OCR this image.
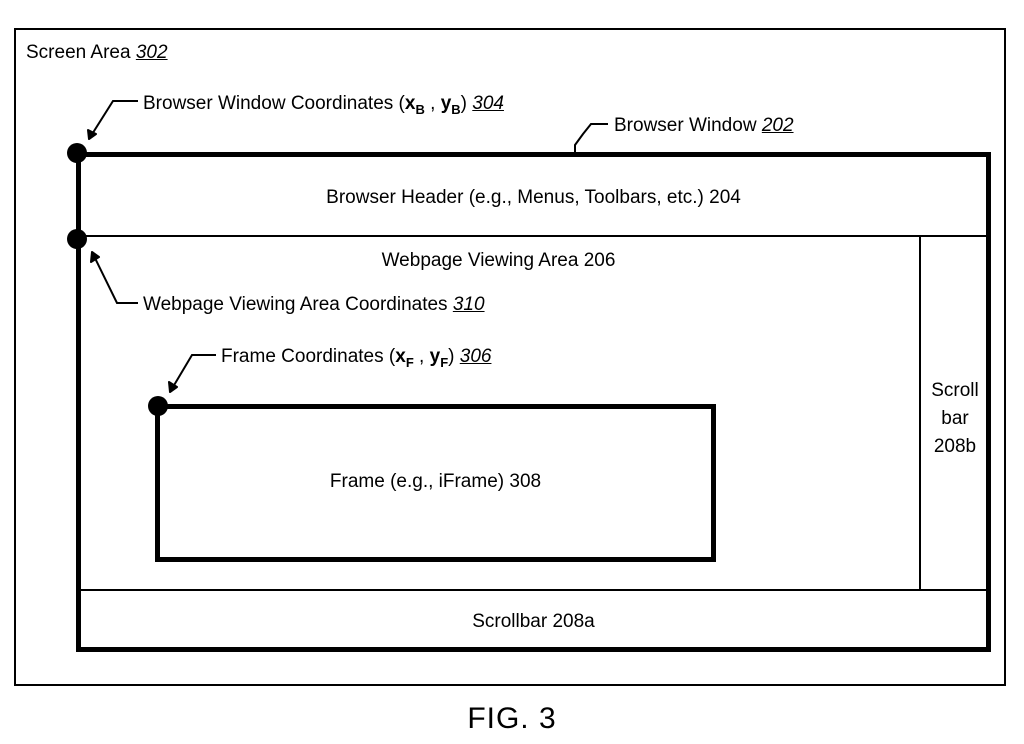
Screen Area 302
Browser Window Coordinates ($x_B$ , $y_B$) 304
Browser Window 202
Browser Header (e.g., Menus, Toolbars, etc.) 204
Webpage Viewing Area 206
Webpage Viewing Area Coordinates 310
Frame Coordinates ($x_F$ , $y_F$) 306
Frame (e.g., iFrame) 308
Scroll
bar
208b
Scrollbar 208a
FIG. 3
